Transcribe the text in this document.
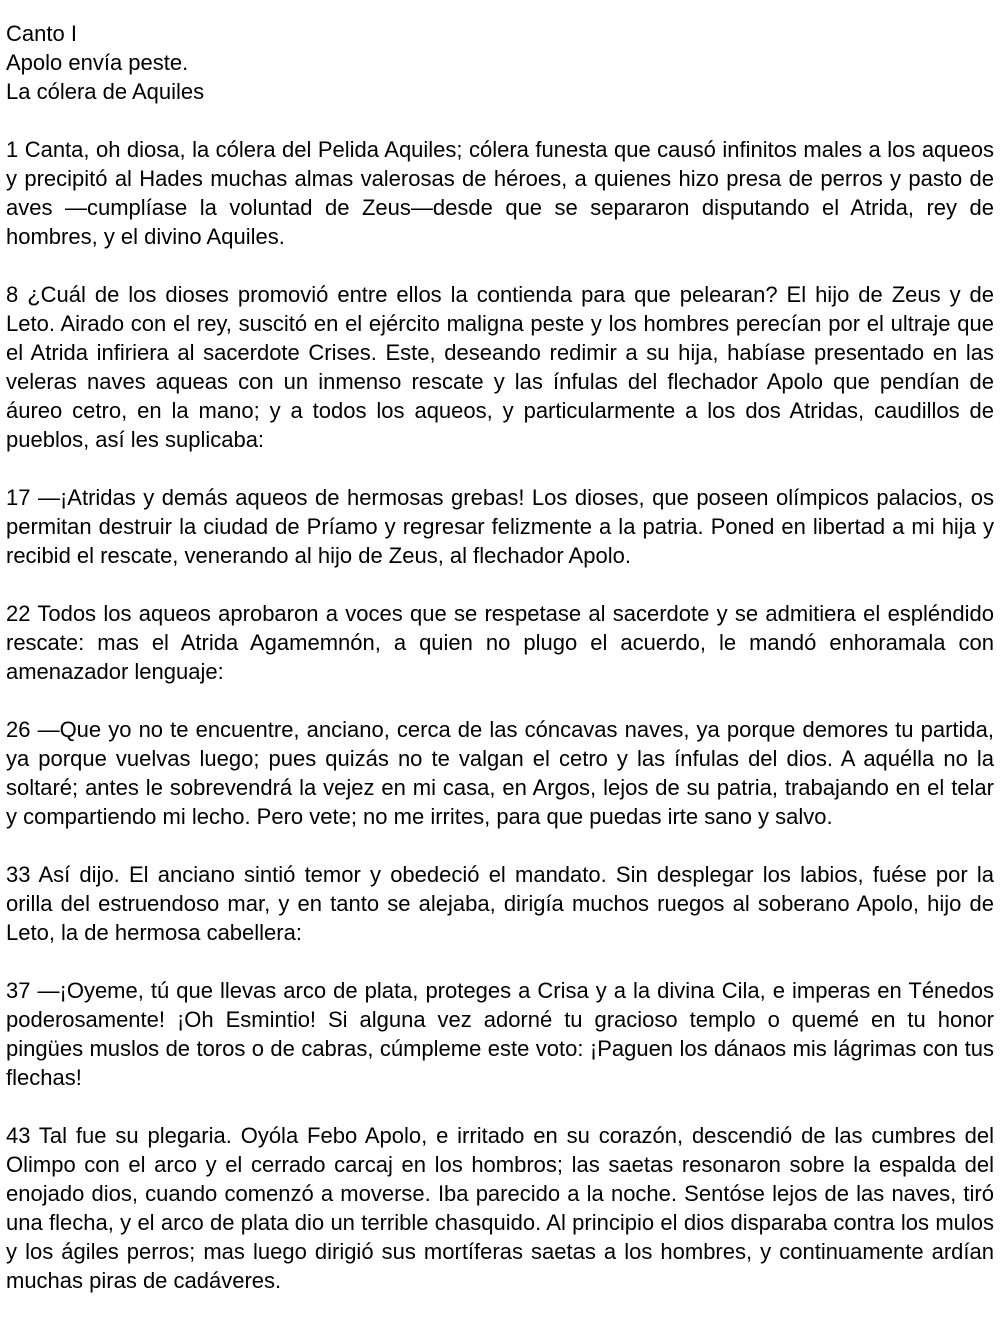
Canto I

Apolo envía peste.

La cólera de Aquiles

1 Canta, oh diosa, la cólera del Pelida Aquiles; cólera funesta que causó infinitos males a los aqueos y precipitó al Hades muchas almas valerosas de héroes, a quienes hizo presa de perros y pasto de aves —cumplíase la voluntad de Zeus—desde que se separaron disputando el Atrida, rey de hombres, y el divino Aquiles.

8 ¿Cuál de los dioses promovió entre ellos la contienda para que pelearan? El hijo de Zeus y de Leto. Airado con el rey, suscitó en el ejército maligna peste y los hombres perecían por el ultraje que el Atrida infiriera al sacerdote Crises. Este, deseando redimir a su hija, habíase presentado en las veleras naves aqueas con un inmenso rescate y las ínfulas del flechador Apolo que pendían de áureo cetro, en la mano; y a todos los aqueos, y particularmente a los dos Atridas, caudillos de pueblos, así les suplicaba:

17 —¡Atridas y demás aqueos de hermosas grebas! Los dioses, que poseen olímpicos palacios, os permitan destruir la ciudad de Príamo y regresar felizmente a la patria. Poned en libertad a mi hija y recibid el rescate, venerando al hijo de Zeus, al flechador Apolo.

22 Todos los aqueos aprobaron a voces que se respetase al sacerdote y se admitiera el espléndido rescate: mas el Atrida Agamemnón, a quien no plugo el acuerdo, le mandó enhoramala con amenazador lenguaje:

26 —Que yo no te encuentre, anciano, cerca de las cóncavas naves, ya porque demores tu partida, ya porque vuelvas luego; pues quizás no te valgan el cetro y las ínfulas del dios. A aquélla no la soltaré; antes le sobrevendrá la vejez en mi casa, en Argos, lejos de su patria, trabajando en el telar y compartiendo mi lecho. Pero vete; no me irrites, para que puedas irte sano y salvo.

33 Así dijo. El anciano sintió temor y obedeció el mandato. Sin desplegar los labios, fuése por la orilla del estruendoso mar, y en tanto se alejaba, dirigía muchos ruegos al soberano Apolo, hijo de Leto, la de hermosa cabellera:

37 —¡Oyeme, tú que llevas arco de plata, proteges a Crisa y a la divina Cila, e imperas en Ténedos poderosamente! ¡Oh Esmintio! Si alguna vez adorné tu gracioso templo o quemé en tu honor pingües muslos de toros o de cabras, cúmpleme este voto: ¡Paguen los dánaos mis lágrimas con tus flechas!

43 Tal fue su plegaria. Oyóla Febo Apolo, e irritado en su corazón, descendió de las cumbres del Olimpo con el arco y el cerrado carcaj en los hombros; las saetas resonaron sobre la espalda del enojado dios, cuando comenzó a moverse. Iba parecido a la noche. Sentóse lejos de las naves, tiró una flecha, y el arco de plata dio un terrible chasquido. Al principio el dios disparaba contra los mulos y los ágiles perros; mas luego dirigió sus mortíferas saetas a los hombres, y continuamente ardían muchas piras de cadáveres.
